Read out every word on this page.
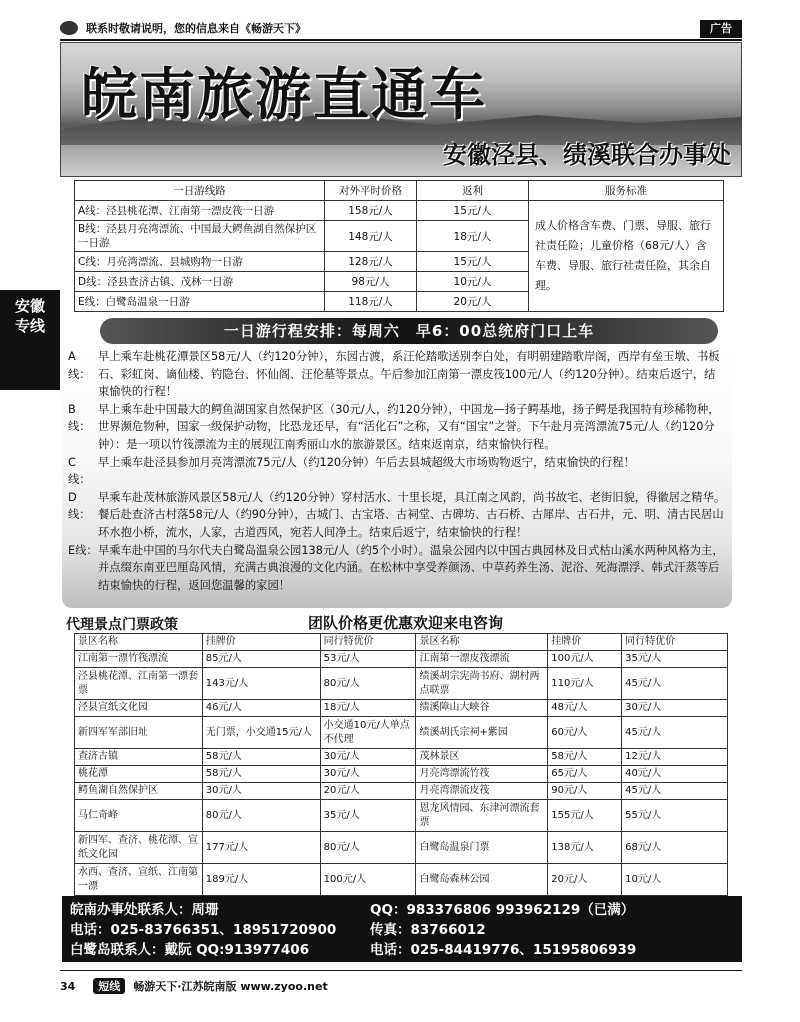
联系时敬请说明，您的信息来自《畅游天下》	广告
安徽专线
皖南旅游直通车
安徽泾县、绩溪联合办事处
一日游线路	对外平时价格	返利	服务标准
A线：泾县桃花潭、江南第一漂皮筏一日游	158元/人	15元/人	成人价格含车费、门票、导服、旅行社责任险；儿童价格（68元/人）含车费、导服、旅行社责任险，其余自理。
B线：泾县月亮湾漂流、中国最大鳄鱼湖自然保护区一日游	148元/人	18元/人	
C线：月亮湾漂流、县城购物一日游	128元/人	15元/人	
D线：泾县查济古镇、茂林一日游	98元/人	10元/人	
E线：白鹭岛温泉一日游	118元/人	20元/人	
一日游行程安排：每周六　早6：00总统府门口上车
A线：
早上乘车赴桃花潭景区58元/人（约120分钟），东园古渡，系汪伦踏歌送别李白处，有明朝建踏歌岸阁，西岸有垒玉墩、书板石、彩虹岗、谪仙楼、钓隐台、怀仙阁、汪伦墓等景点。午后参加江南第一漂皮筏100元/人（约120分钟）。结束后返宁，结束愉快的行程！
B线：
早上乘车赴中国最大的鳄鱼湖国家自然保护区（30元/人，约120分钟），中国龙—扬子鳄基地，扬子鳄是我国特有珍稀物种，世界濒危物种，国家一级保护动物，比恐龙还早，有“活化石”之称，又有“国宝”之誉。下午赴月亮湾漂流75元/人（约120分钟）：是一项以竹筏漂流为主的展现江南秀丽山水的旅游景区。结束返南京，结束愉快行程。
C线：
早上乘车赴泾县参加月亮湾漂流75元/人（约120分钟）午后去县城超级大市场购物返宁，结束愉快的行程！
D线：
早乘车赴茂林旅游风景区58元/人（约120分钟）穿村活水、十里长堤，具江南之风韵，尚书故宅、老街旧貌，得徽居之精华。餐后赴查济古村落58元/人（约90分钟），古城门、古宝塔、古祠堂、古碑坊、古石桥、古犀岸、古石井，元、明、清古民居山环水抱小桥，流水，人家，古道西风，宛若人间净土。结束后返宁，结束愉快的行程！
E线： 早乘车赴中国的马尔代夫白鹭岛温泉公园138元/人（约5个小时）。温泉公园内以中国古典园林及日式枯山溪水两种风格为主，并点缀东南亚巴厘岛风情，充满古典浪漫的文化内涵。在松林中享受养颜汤、中草药养生汤、泥浴、死海漂浮、韩式汗蒸等后结束愉快的行程，返回您温馨的家园！
代理景点门票政策	团队价格更优惠欢迎来电咨询
景区名称	挂牌价	同行特优价	景区名称	挂牌价	同行特优价
江南第一漂竹筏漂流	85元/人	53元/人	江南第一漂皮筏漂流	100元/人	35元/人
泾县桃花潭、江南第一漂套票	143元/人	80元/人	绩溪胡宗宪尚书府、湖村两点联票	110元/人	45元/人
泾县宣纸文化园	46元/人	18元/人	绩溪障山大峡谷	48元/人	30元/人
新四军军部旧址	无门票，小交通15元/人	小交通10元/人单点不代理	绩溪胡氏宗祠+紫园	60元/人	45元/人
查济古镇	58元/人	30元/人	茂林景区	58元/人	12元/人
桃花潭	58元/人	30元/人	月亮湾漂流竹筏	65元/人	40元/人
鳄鱼湖自然保护区	30元/人	20元/人	月亮湾漂流皮筏	90元/人	45元/人
马仁奇峰	80元/人	35元/人	恩龙风情园、东津河漂流套票	155元/人	55元/人
新四军、查济、桃花潭、宣纸文化园	177元/人	80元/人	白鹭岛温泉门票	138元/人	68元/人
水西、查济、宣纸、江南第一漂	189元/人	100元/人	白鹭岛森林公园	20元/人	10元/人
皖南办事处联系人：周珊	QQ：983376806 993962129（已满）
电话：025-83766351、18951720900	传真：83766012
白鹭岛联系人：戴阮 QQ:913977406	电话：025-84419776、15195806939
34	短线	畅游天下·江苏皖南版 www.zyoo.net
